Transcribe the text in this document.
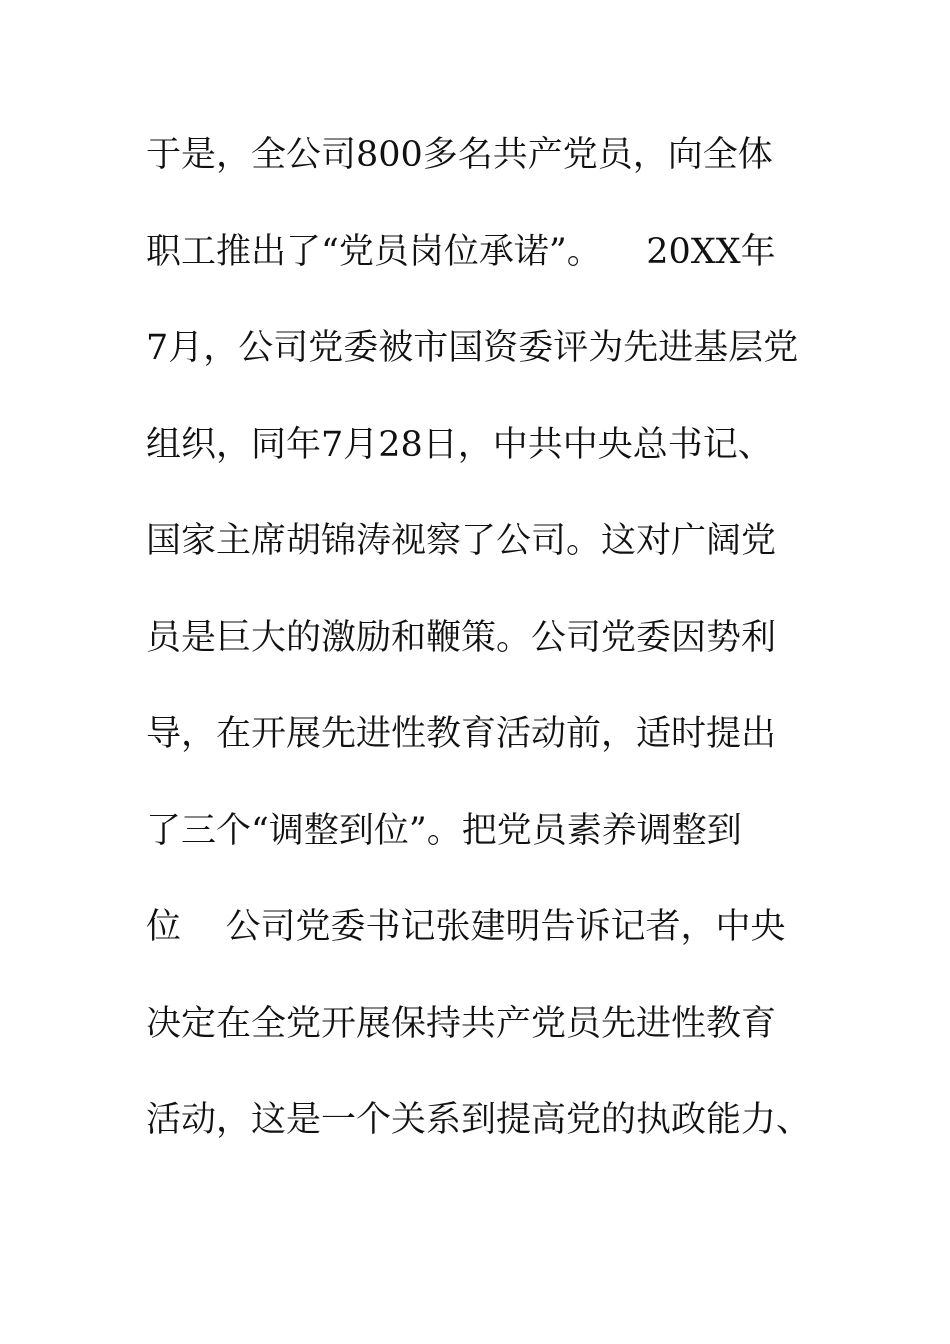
于是，全公司800多名共产党员，向全体
职工推出了“党员岗位承诺”。    20XX年
7月，公司党委被市国资委评为先进基层党
组织，同年7月28日，中共中央总书记、
国家主席胡锦涛视察了公司。这对广阔党
员是巨大的激励和鞭策。公司党委因势利
导，在开展先进性教育活动前，适时提出
了三个“调整到位”。把党员素养调整到
位    公司党委书记张建明告诉记者，中央
决定在全党开展保持共产党员先进性教育
活动，这是一个关系到提高党的执政能力、
